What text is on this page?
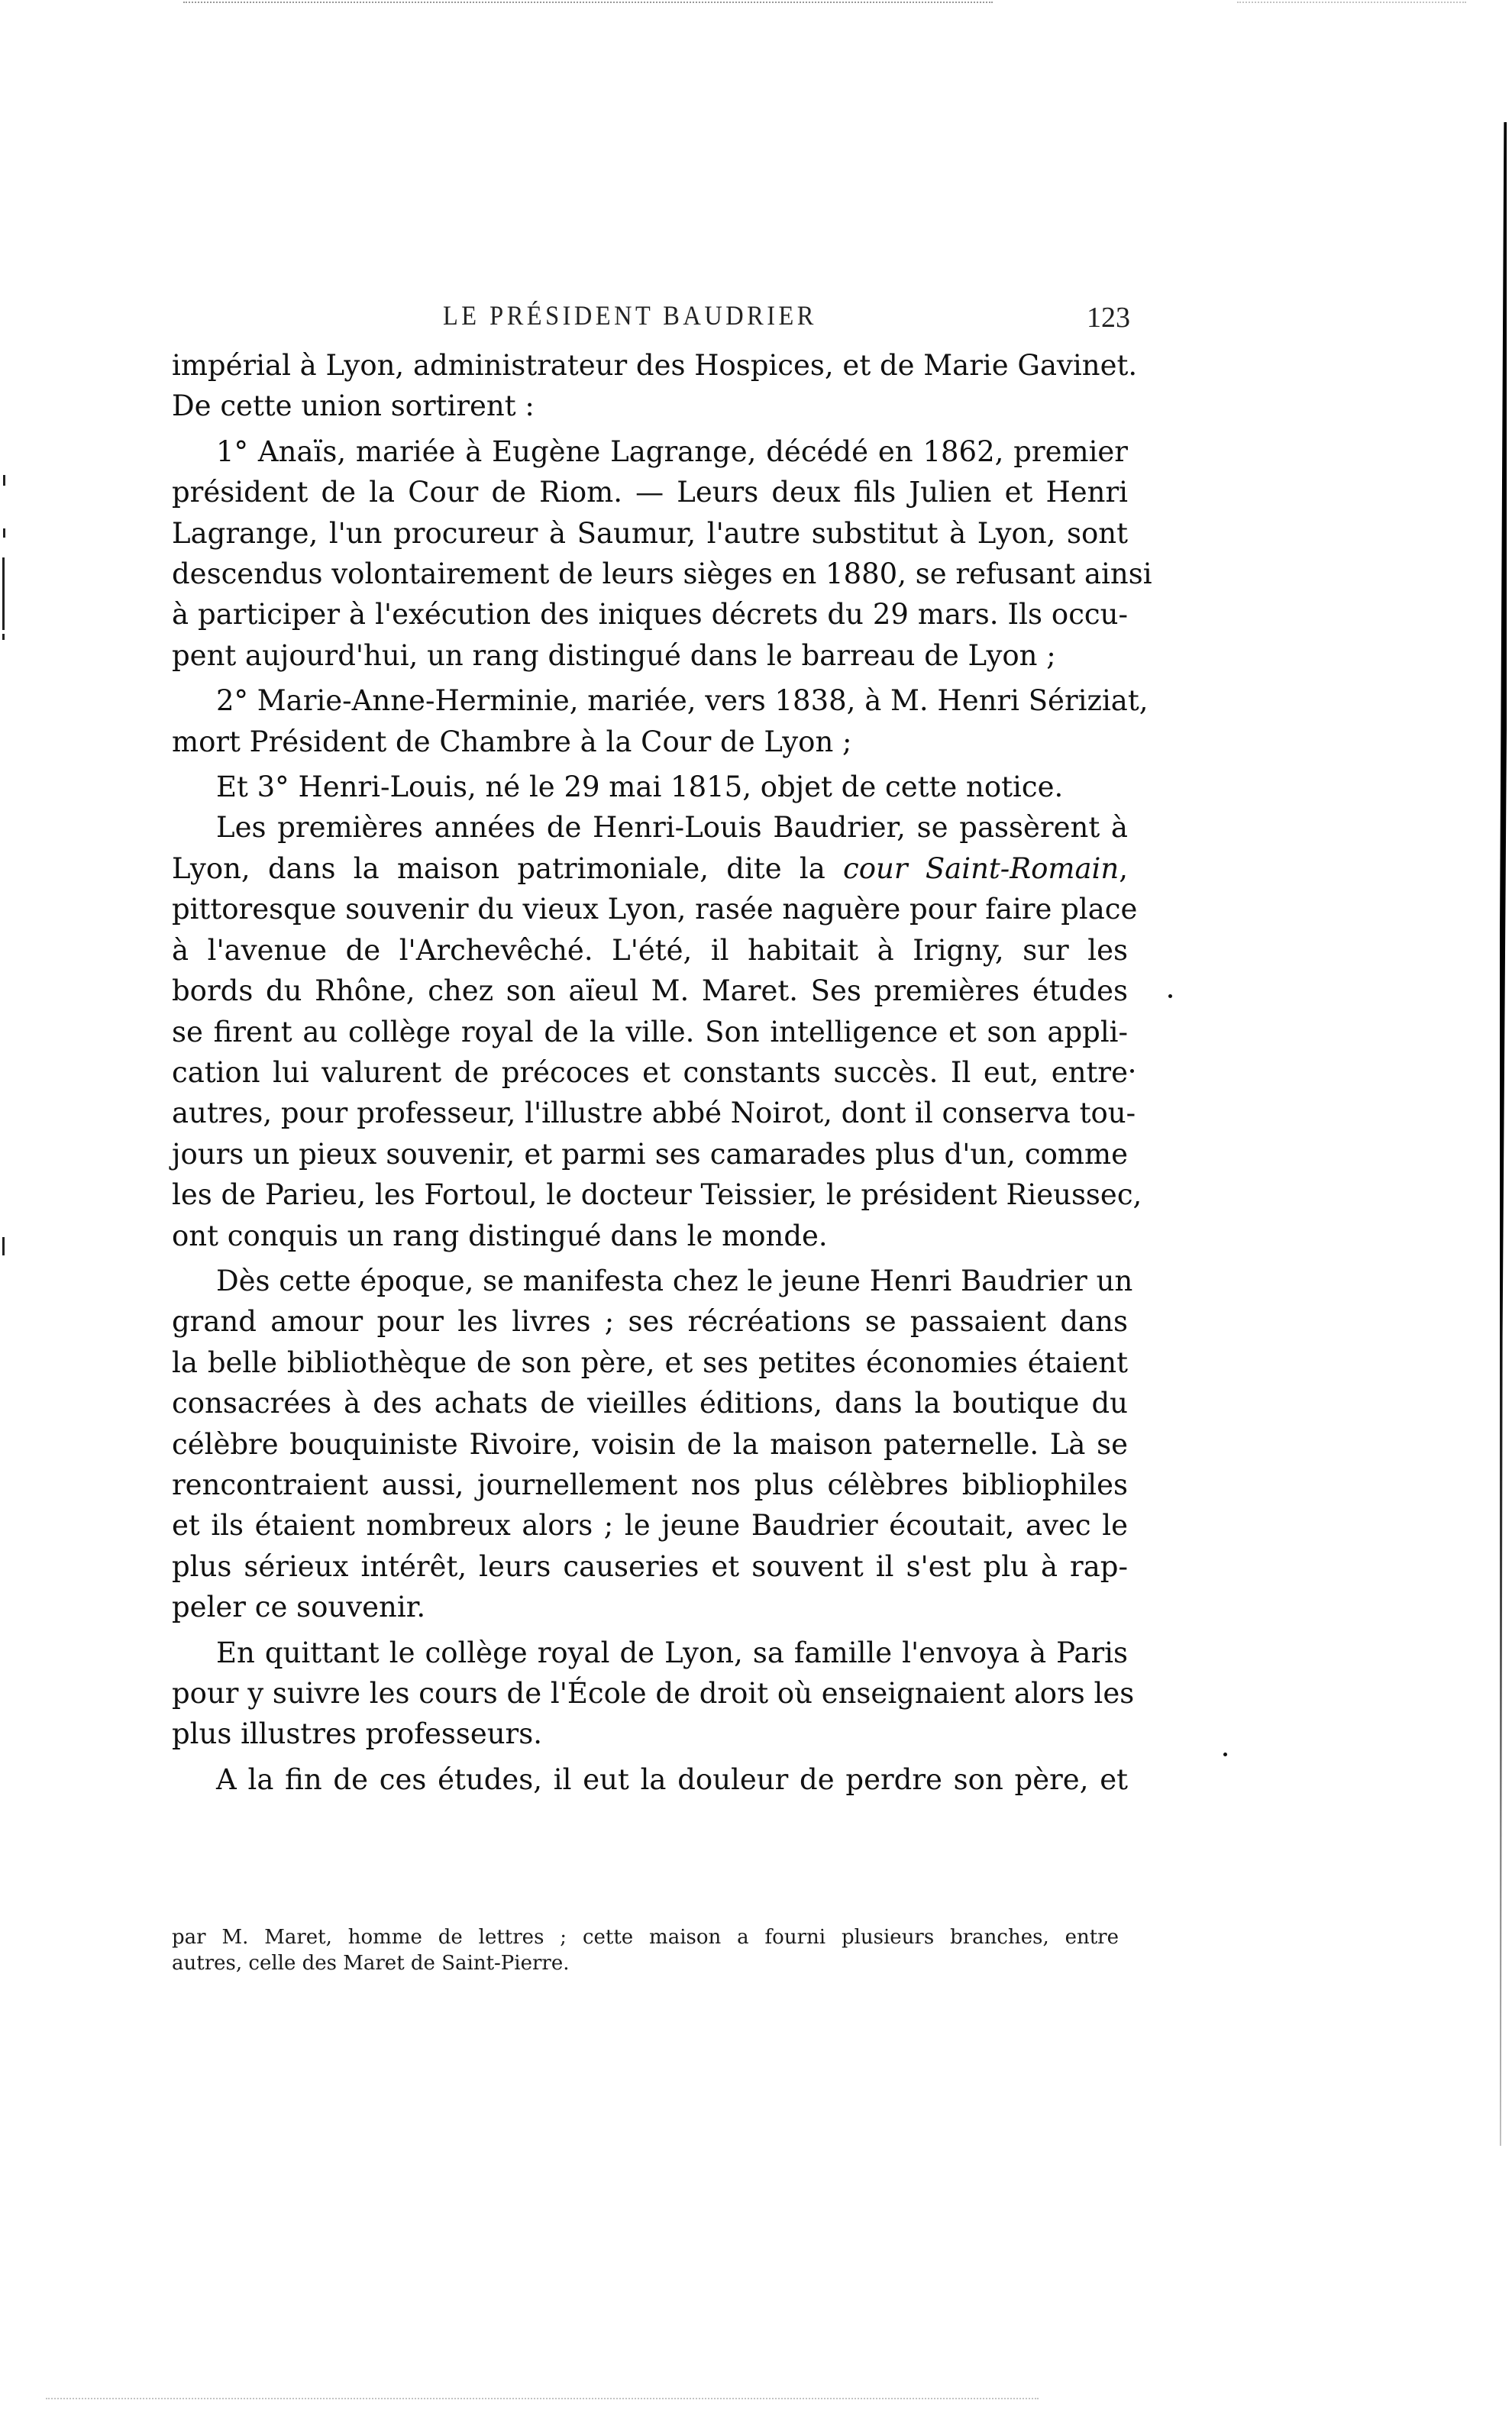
LE PRÉSIDENT BAUDRIER	123
impérial à Lyon, administrateur des Hospices, et de Marie Gavinet.
De cette union sortirent :
1° Anaïs, mariée à Eugène Lagrange, décédé en 1862, premier
président de la Cour de Riom. — Leurs deux fils Julien et Henri
Lagrange, l'un procureur à Saumur, l'autre substitut à Lyon, sont
descendus volontairement de leurs sièges en 1880, se refusant ainsi
à participer à l'exécution des iniques décrets du 29 mars. Ils occu-
pent aujourd'hui, un rang distingué dans le barreau de Lyon ;
2° Marie-Anne-Herminie, mariée, vers 1838, à M. Henri Sériziat,
mort Président de Chambre à la Cour de Lyon ;
Et 3° Henri-Louis, né le 29 mai 1815, objet de cette notice.
Les premières années de Henri-Louis Baudrier, se passèrent à
Lyon, dans la maison patrimoniale, dite la cour Saint-Romain,
pittoresque souvenir du vieux Lyon, rasée naguère pour faire place
à l'avenue de l'Archevêché. L'été, il habitait à Irigny, sur les
bords du Rhône, chez son aïeul M. Maret. Ses premières études
se firent au collège royal de la ville. Son intelligence et son appli-
cation lui valurent de précoces et constants succès. Il eut, entre
autres, pour professeur, l'illustre abbé Noirot, dont il conserva tou-
jours un pieux souvenir, et parmi ses camarades plus d'un, comme
les de Parieu, les Fortoul, le docteur Teissier, le président Rieussec,
ont conquis un rang distingué dans le monde.
Dès cette époque, se manifesta chez le jeune Henri Baudrier un
grand amour pour les livres ; ses récréations se passaient dans
la belle bibliothèque de son père, et ses petites économies étaient
consacrées à des achats de vieilles éditions, dans la boutique du
célèbre bouquiniste Rivoire, voisin de la maison paternelle. Là se
rencontraient aussi, journellement nos plus célèbres bibliophiles
et ils étaient nombreux alors ; le jeune Baudrier écoutait, avec le
plus sérieux intérêt, leurs causeries et souvent il s'est plu à rap-
peler ce souvenir.
En quittant le collège royal de Lyon, sa famille l'envoya à Paris
pour y suivre les cours de l'École de droit où enseignaient alors les
plus illustres professeurs.
A la fin de ces études, il eut la douleur de perdre son père, et
par M. Maret, homme de lettres ; cette maison a fourni plusieurs branches, entre
autres, celle des Maret de Saint-Pierre.
